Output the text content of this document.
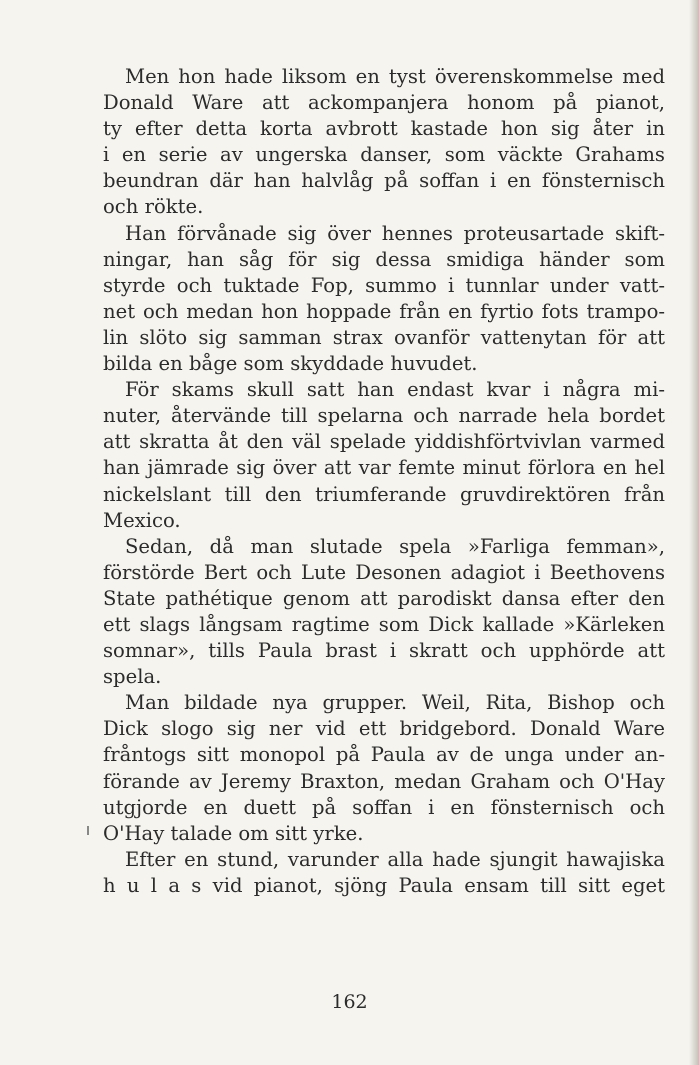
Men hon hade liksom en tyst överenskommelse med
Donald Ware att ackompanjera honom på pianot,
ty efter detta korta avbrott kastade hon sig åter in
i en serie av ungerska danser, som väckte Grahams
beundran där han halvlåg på soffan i en fönsternisch
och rökte.
Han förvånade sig över hennes proteusartade skift-
ningar, han såg för sig dessa smidiga händer som
styrde och tuktade Fop, summo i tunnlar under vatt-
net och medan hon hoppade från en fyrtio fots trampo-
lin slöto sig samman strax ovanför vattenytan för att
bilda en båge som skyddade huvudet.
För skams skull satt han endast kvar i några mi-
nuter, återvände till spelarna och narrade hela bordet
att skratta åt den väl spelade yiddishförtvivlan varmed
han jämrade sig över att var femte minut förlora en hel
nickelslant till den triumferande gruvdirektören från
Mexico.
Sedan, då man slutade spela »Farliga femman»,
förstörde Bert och Lute Desonen adagiot i Beethovens
State pathétique genom att parodiskt dansa efter den
ett slags långsam ragtime som Dick kallade »Kärleken
somnar», tills Paula brast i skratt och upphörde att
spela.
Man bildade nya grupper. Weil, Rita, Bishop och
Dick slogo sig ner vid ett bridgebord. Donald Ware
fråntogs sitt monopol på Paula av de unga under an-
förande av Jeremy Braxton, medan Graham och O'Hay
utgjorde en duett på soffan i en fönsternisch och
O'Hay talade om sitt yrke.
Efter en stund, varunder alla hade sjungit hawajiska
h u l a s vid pianot, sjöng Paula ensam till sitt eget
162
